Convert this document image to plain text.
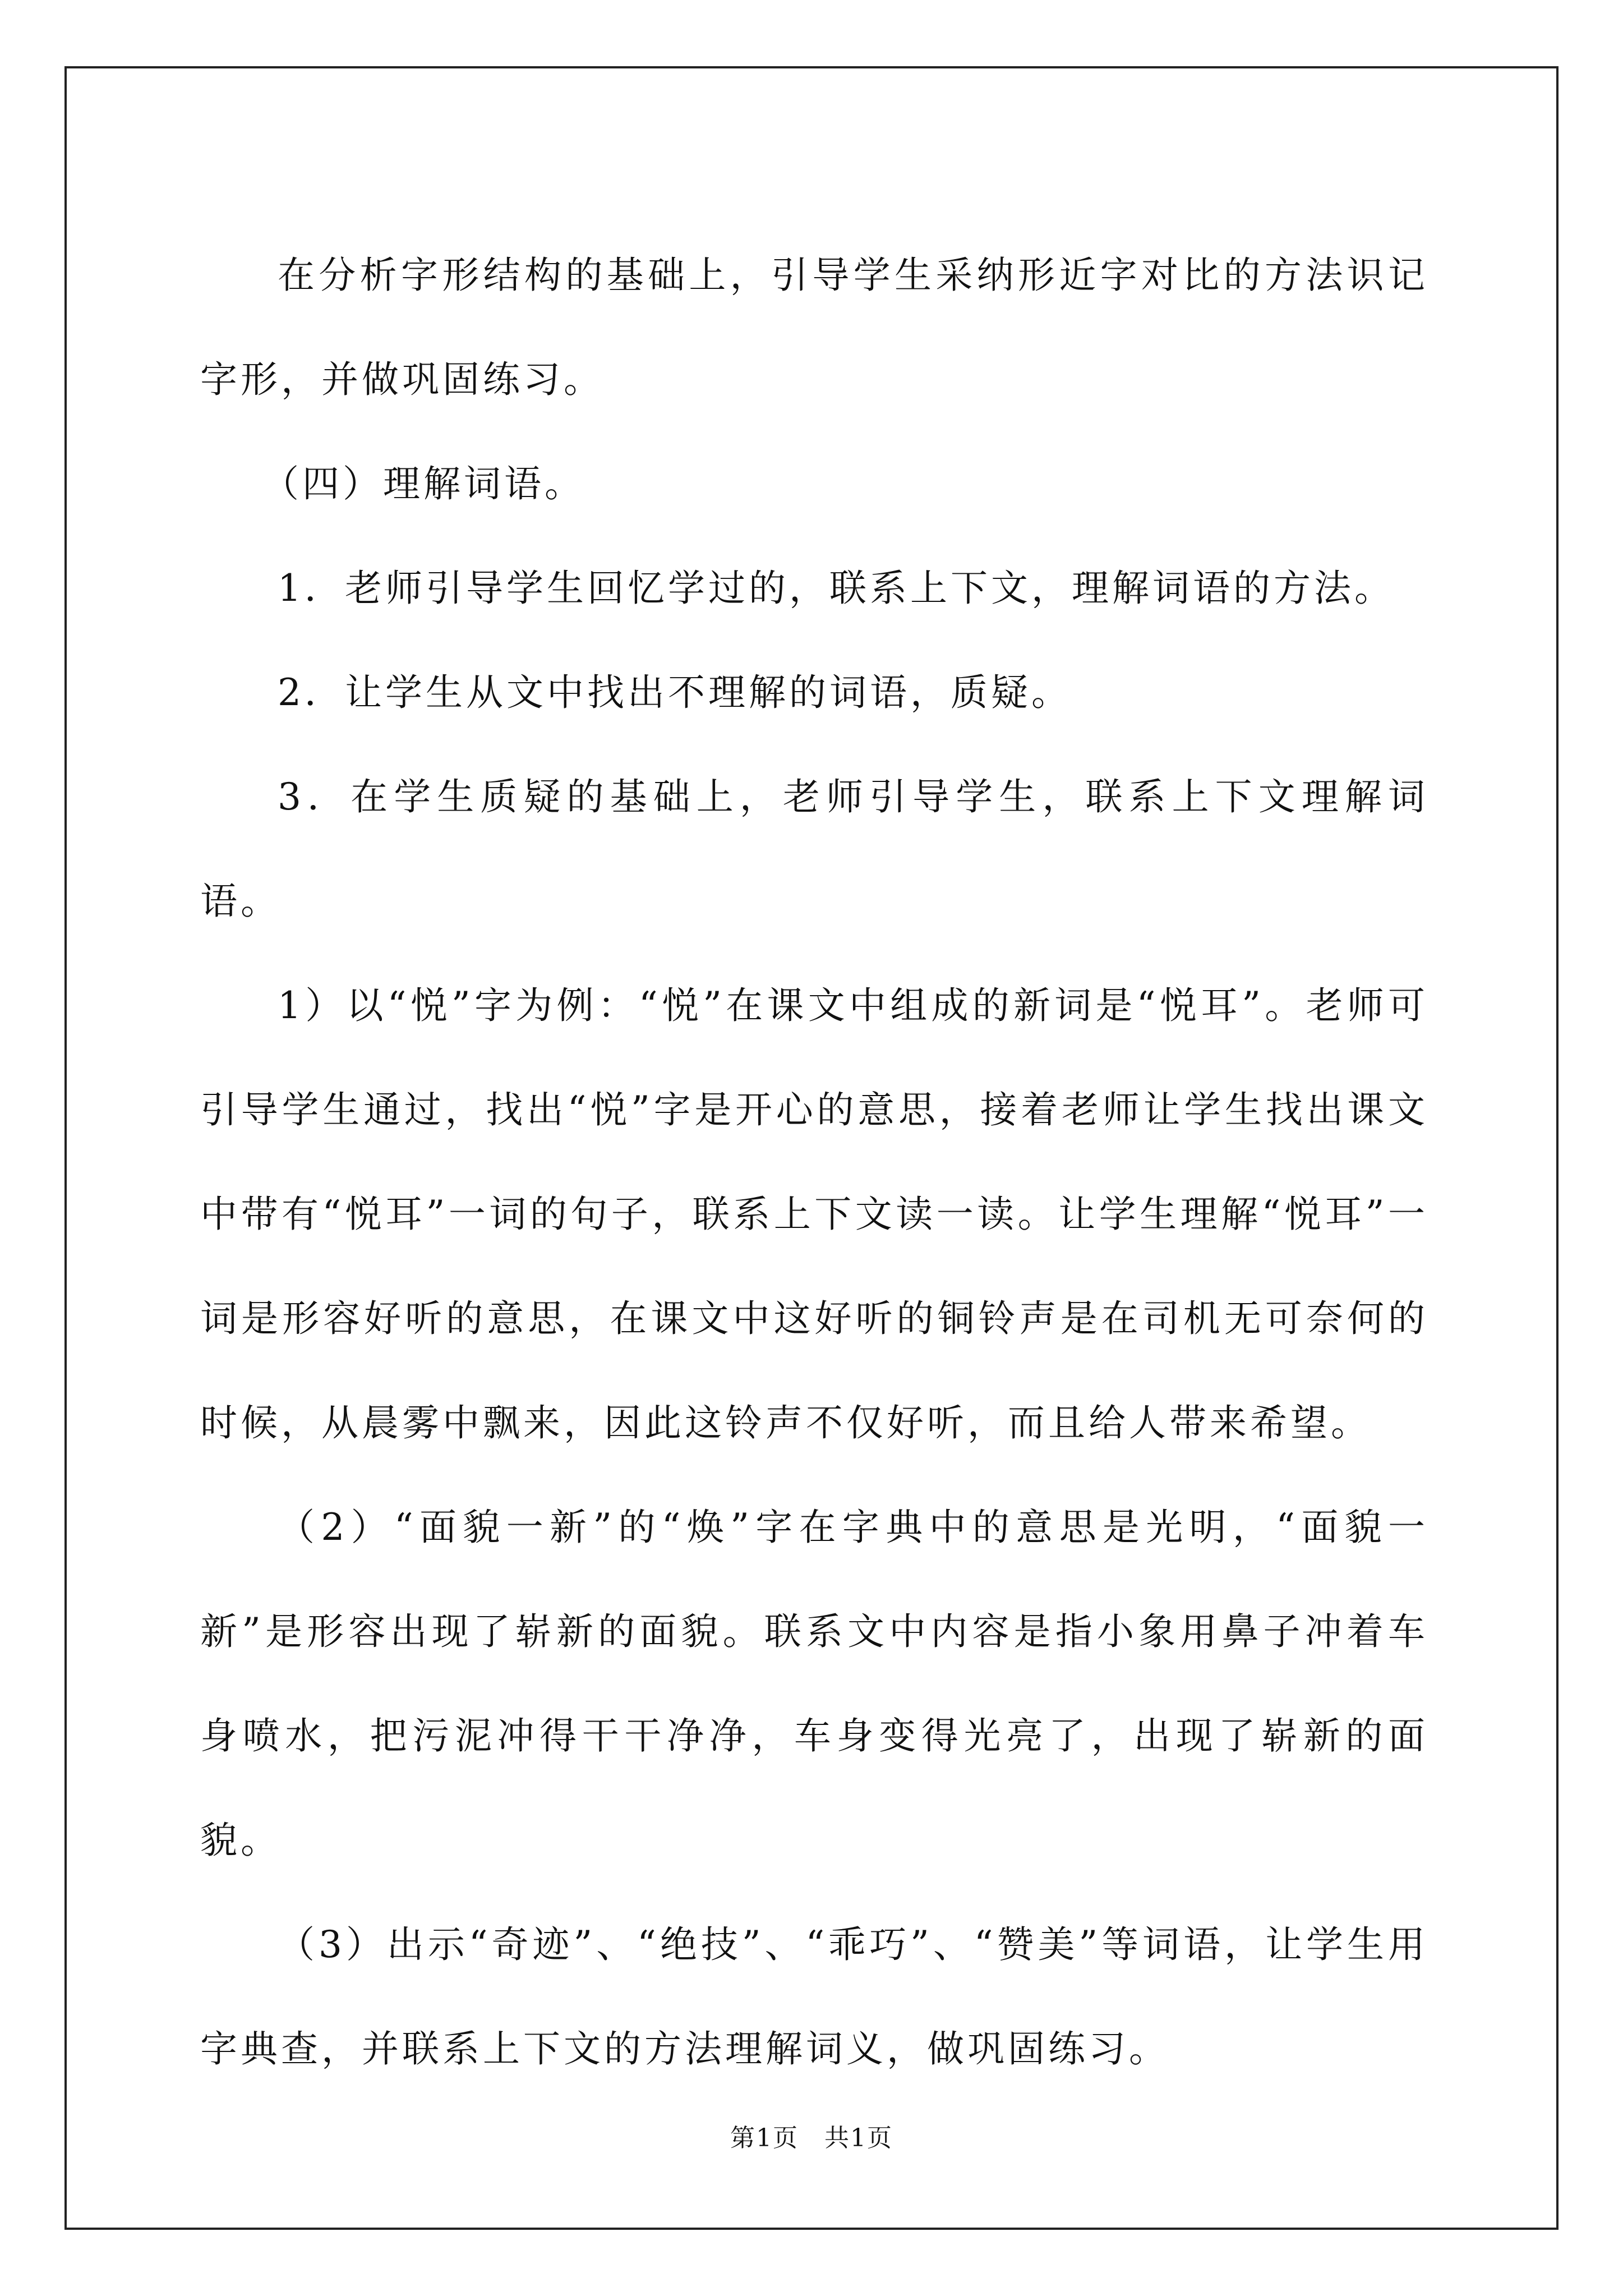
在分析字形结构的基础上，引导学生采纳形近字对比的方法识记字形，并做巩固练习。

（四）理解词语。

1．老师引导学生回忆学过的，联系上下文，理解词语的方法。

2．让学生从文中找出不理解的词语，质疑。

3．在学生质疑的基础上，老师引导学生，联系上下文理解词语。

1）以“悦”字为例：“悦”在课文中组成的新词是“悦耳”。老师可引导学生通过，找出“悦”字是开心的意思，接着老师让学生找出课文中带有“悦耳”一词的句子，联系上下文读一读。让学生理解“悦耳”一词是形容好听的意思，在课文中这好听的铜铃声是在司机无可奈何的时候，从晨雾中飘来，因此这铃声不仅好听，而且给人带来希望。

（2）“面貌一新”的“焕”字在字典中的意思是光明，“面貌一新”是形容出现了崭新的面貌。联系文中内容是指小象用鼻子冲着车身喷水，把污泥冲得干干净净，车身变得光亮了，出现了崭新的面貌。

（3）出示“奇迹”、“绝技”、“乖巧”、“赞美”等词语，让学生用字典查，并联系上下文的方法理解词义，做巩固练习。

第1页　共1页
